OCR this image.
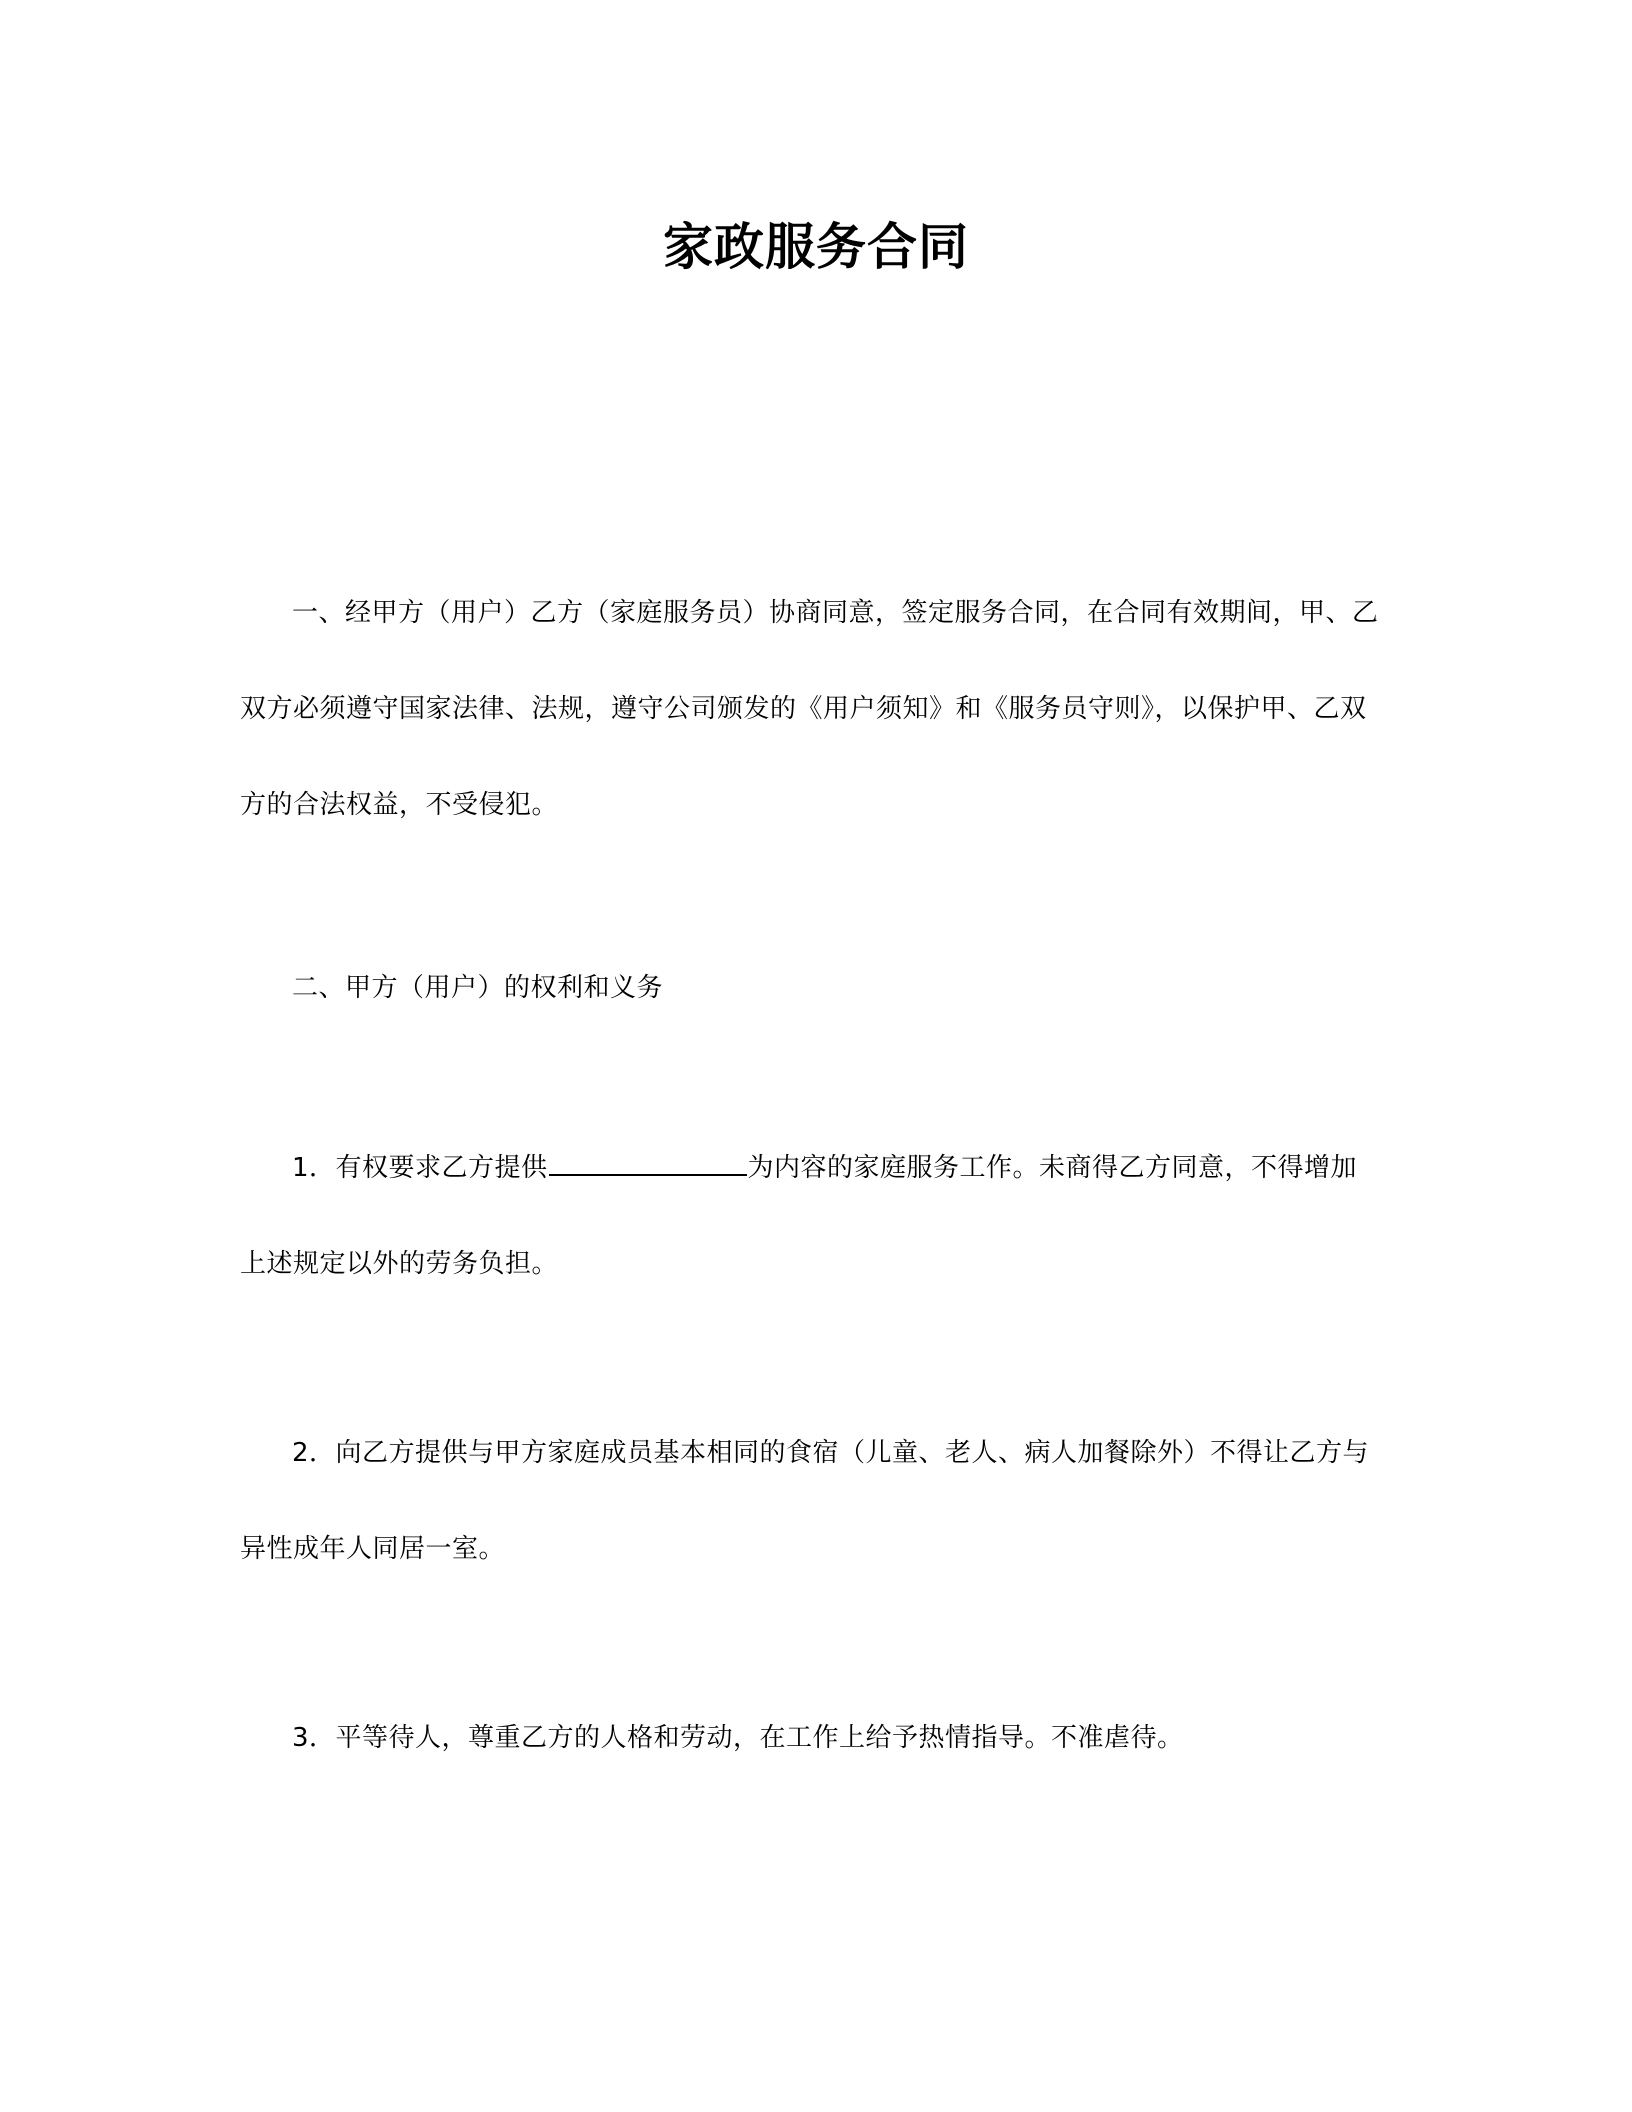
家政服务合同
一、经甲方（用户）乙方（家庭服务员）协商同意，签定服务合同，在合同有效期间，甲、乙双方必须遵守国家法律、法规，遵守公司颁发的《用户须知》和《服务员守则》，以保护甲、乙双方的合法权益，不受侵犯。
二、甲方（用户）的权利和义务
1．有权要求乙方提供	为内容的家庭服务工作。未商得乙方同意，不得增加上述规定以外的劳务负担。
2．向乙方提供与甲方家庭成员基本相同的食宿（儿童、老人、病人加餐除外）不得让乙方与异性成年人同居一室。
3．平等待人，尊重乙方的人格和劳动，在工作上给予热情指导。不准虐待。
